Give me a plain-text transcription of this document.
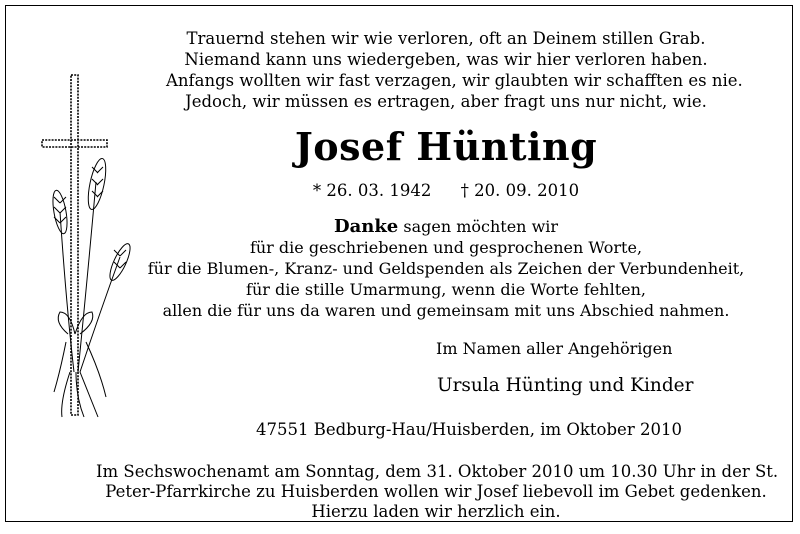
Trauernd stehen wir wie verloren, oft an Deinem stillen Grab.
Niemand kann uns wiedergeben, was wir hier verloren haben.
Anfangs wollten wir fast verzagen, wir glaubten wir schafften es nie.
Jedoch, wir müssen es ertragen, aber fragt uns nur nicht, wie.
Josef Hünting
* 26. 03. 1942 † 20. 09. 2010
Danke sagen möchten wir
für die geschriebenen und gesprochenen Worte,
für die Blumen-, Kranz- und Geldspenden als Zeichen der Verbundenheit,
für die stille Umarmung, wenn die Worte fehlten,
allen die für uns da waren und gemeinsam mit uns Abschied nahmen.
Im Namen aller Angehörigen
Ursula Hünting und Kinder
47551 Bedburg-Hau/Huisberden, im Oktober 2010
Im Sechswochenamt am Sonntag, dem 31. Oktober 2010 um 10.30 Uhr in der St.
Peter-Pfarrkirche zu Huisberden wollen wir Josef liebevoll im Gebet gedenken.
Hierzu laden wir herzlich ein.
